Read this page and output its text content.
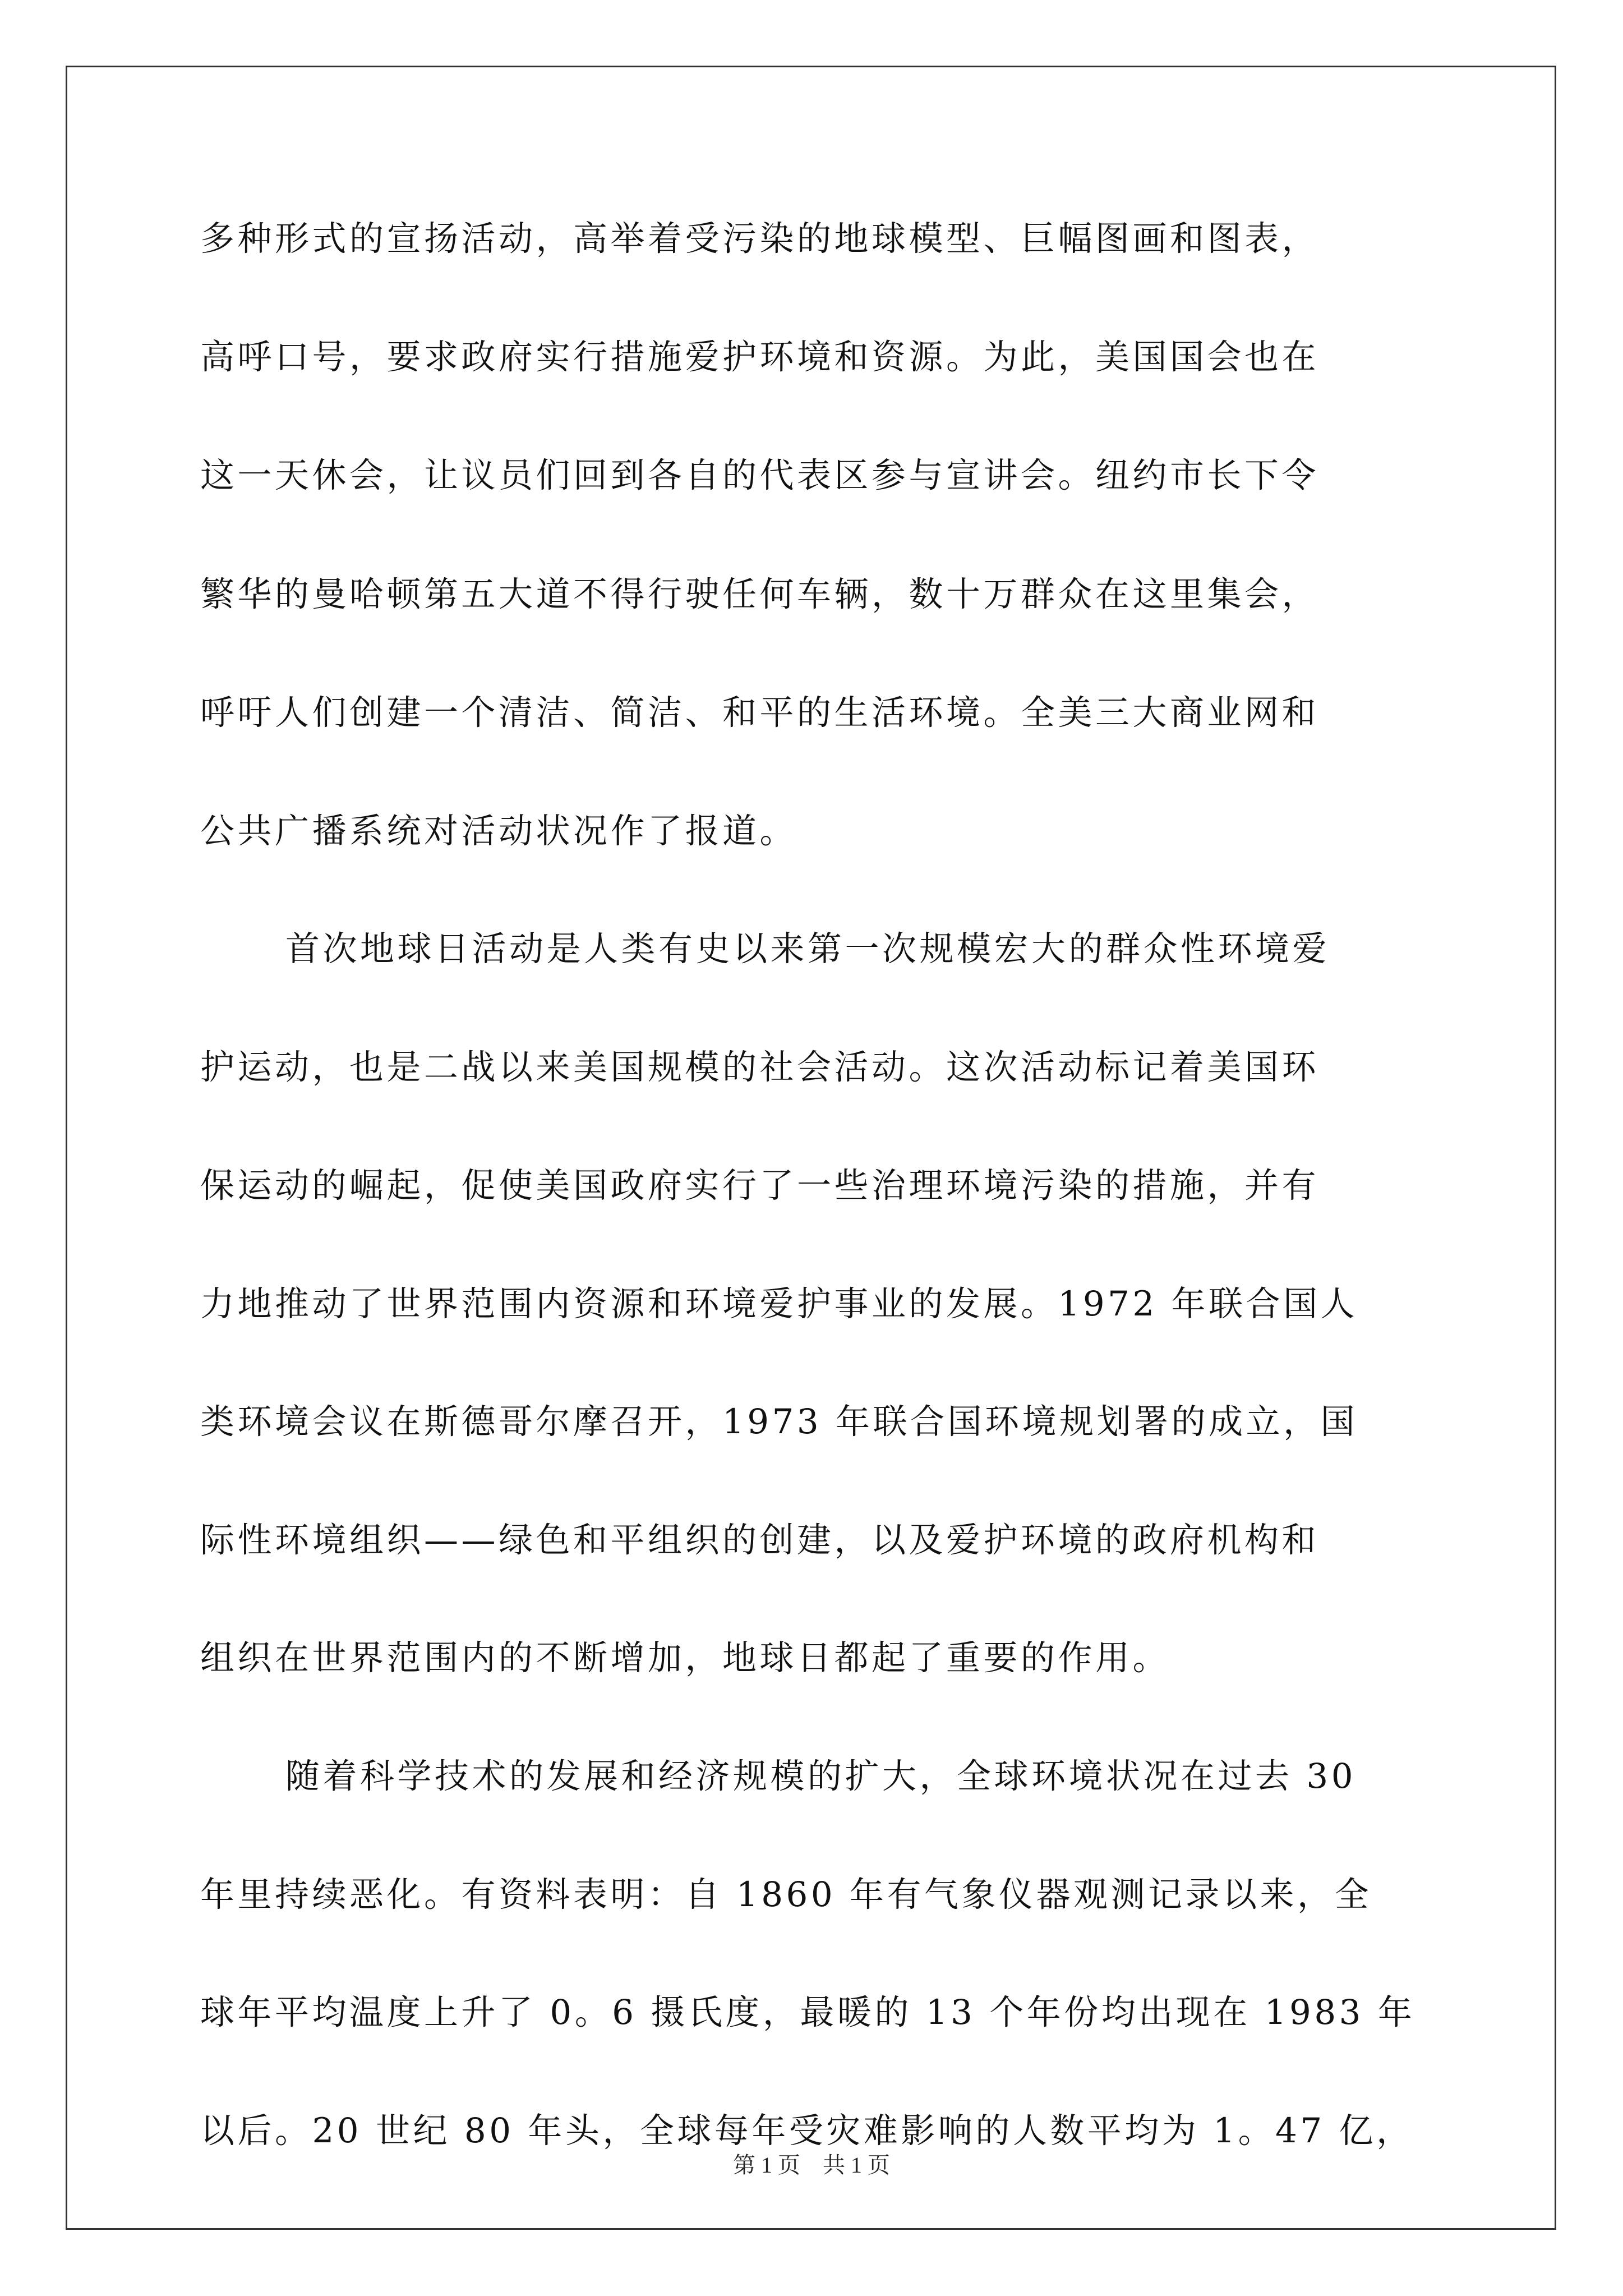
多种形式的宣扬活动，高举着受污染的地球模型、巨幅图画和图表，
高呼口号，要求政府实行措施爱护环境和资源。为此，美国国会也在
这一天休会，让议员们回到各自的代表区参与宣讲会。纽约市长下令
繁华的曼哈顿第五大道不得行驶任何车辆，数十万群众在这里集会，
呼吁人们创建一个清洁、简洁、和平的生活环境。全美三大商业网和
公共广播系统对活动状况作了报道。
首次地球日活动是人类有史以来第一次规模宏大的群众性环境爱
护运动，也是二战以来美国规模的社会活动。这次活动标记着美国环
保运动的崛起，促使美国政府实行了一些治理环境污染的措施，并有
力地推动了世界范围内资源和环境爱护事业的发展。1972 年联合国人
类环境会议在斯德哥尔摩召开，1973 年联合国环境规划署的成立，国
际性环境组织——绿色和平组织的创建，以及爱护环境的政府机构和
组织在世界范围内的不断增加，地球日都起了重要的作用。
随着科学技术的发展和经济规模的扩大，全球环境状况在过去 30
年里持续恶化。有资料表明：自 1860 年有气象仪器观测记录以来，全
球年平均温度上升了 0。6 摄氏度，最暖的 13 个年份均出现在 1983 年
以后。20 世纪 80 年头，全球每年受灾难影响的人数平均为 1。47 亿，
第 1 页    共 1 页
